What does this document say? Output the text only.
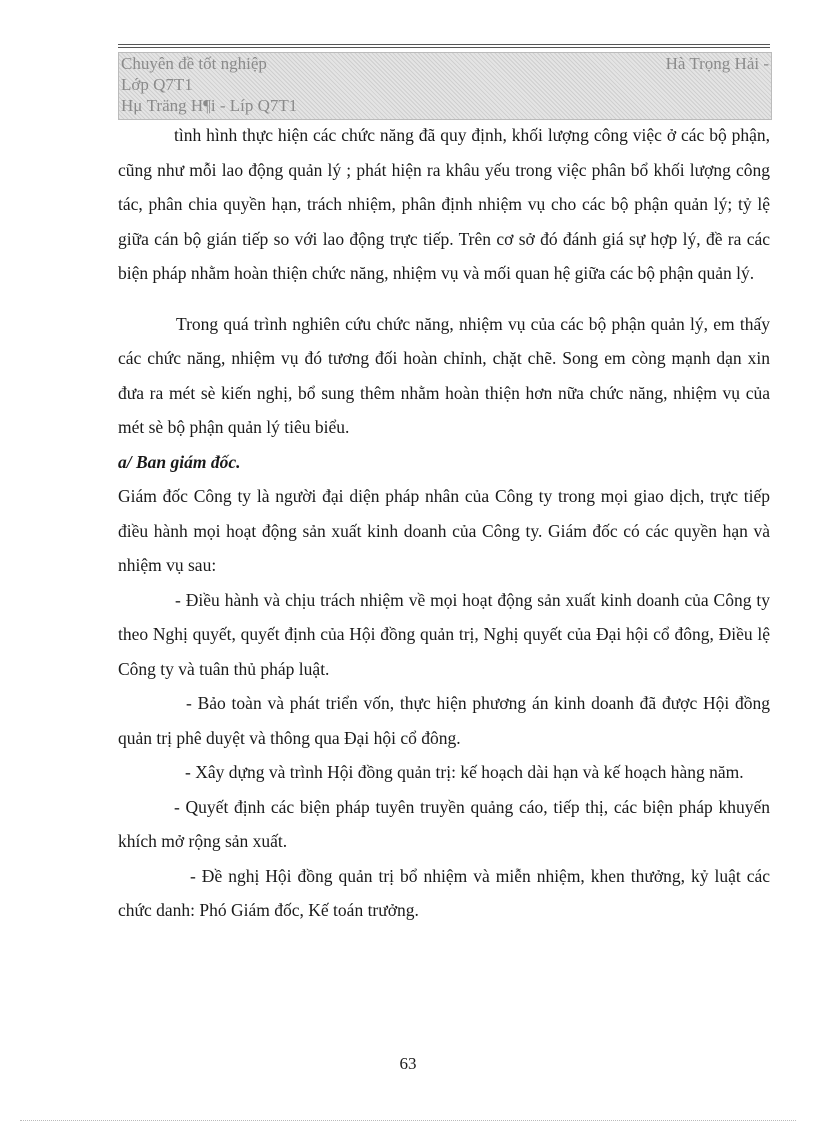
Chuyên đề tốt nghiệp	Hà Trọng Hải -
Lớp Q7T1
Hμ Träng H¶i - Líp Q7T1

tình hình thực hiện các chức năng đã quy định, khối lượng công việc ở các bộ phận, cũng như mỗi lao động quản lý ; phát hiện ra khâu yếu trong việc phân bổ khối lượng công tác, phân chia quyền hạn, trách nhiệm, phân định nhiệm vụ cho các bộ phận quản lý; tỷ lệ giữa cán bộ gián tiếp so với lao động trực tiếp. Trên cơ sở đó đánh giá sự hợp lý, đề ra các biện pháp nhằm hoàn thiện chức năng, nhiệm vụ và mối quan hệ giữa các bộ phận quản lý.

Trong quá trình nghiên cứu chức năng, nhiệm vụ của các bộ phận quản lý, em thấy các chức năng, nhiệm vụ đó tương đối hoàn chỉnh, chặt chẽ. Song em còng mạnh dạn xin đưa ra mét sè kiến nghị, bổ sung thêm nhằm hoàn thiện hơn nữa chức năng, nhiệm vụ của mét sè bộ phận quản lý tiêu biểu.

a/ Ban giám đốc.

Giám đốc Công ty là người đại diện pháp nhân của Công ty trong mọi giao dịch, trực tiếp điều hành mọi hoạt động sản xuất kinh doanh của Công ty. Giám đốc có các quyền hạn và nhiệm vụ sau:

- Điều hành và chịu trách nhiệm về mọi hoạt động sản xuất kinh doanh của Công ty theo Nghị quyết, quyết định của Hội đồng quản trị, Nghị quyết của Đại hội cổ đông, Điều lệ Công ty và tuân thủ pháp luật.

- Bảo toàn và phát triển vốn, thực hiện phương án kinh doanh đã được Hội đồng quản trị phê duyệt và thông qua Đại hội cổ đông.

- Xây dựng và trình Hội đồng quản trị: kế hoạch dài hạn và kế hoạch hàng năm.

- Quyết định các biện pháp tuyên truyền quảng cáo, tiếp thị, các biện pháp khuyến khích mở rộng sản xuất.

- Đề nghị Hội đồng quản trị bổ nhiệm và miễn nhiệm, khen thưởng, kỷ luật các chức danh: Phó Giám đốc, Kế toán trưởng.

63
